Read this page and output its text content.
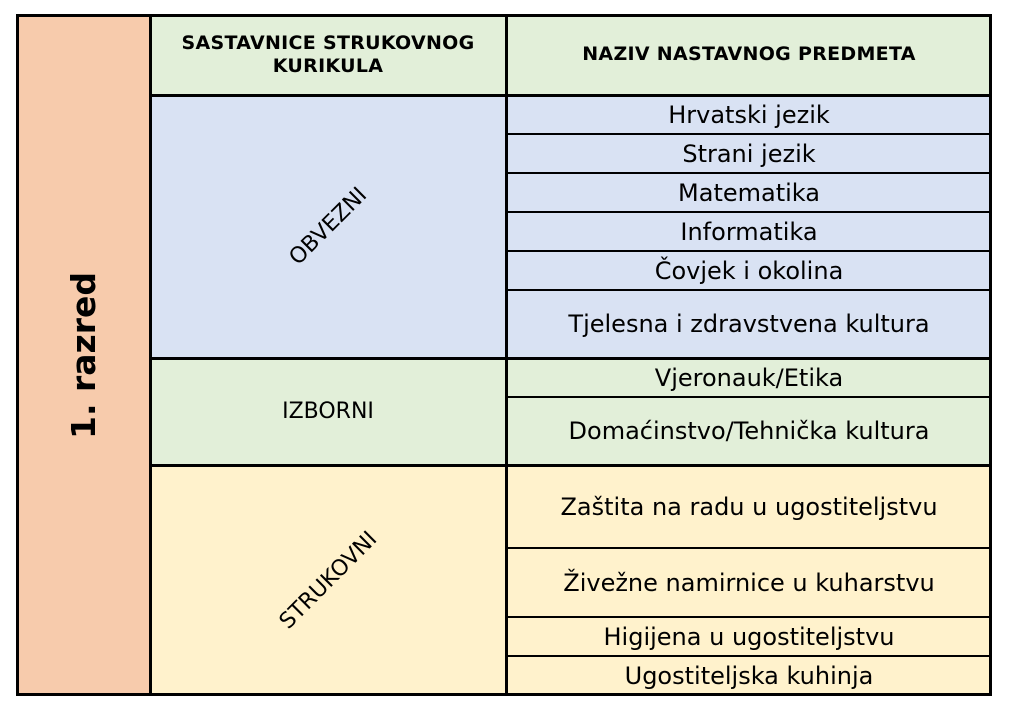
1. razred
SASTAVNICE STRUKOVNOG KURIKULA
NAZIV NASTAVNOG PREDMETA
OBVEZNI
IZBORNI
STRUKOVNI
Hrvatski jezik
Strani jezik
Matematika
Informatika
Čovjek i okolina
Tjelesna i zdravstvena kultura
Vjeronauk/Etika
Domaćinstvo/Tehnička kultura
Zaštita na radu u ugostiteljstvu
Živežne namirnice u kuharstvu
Higijena u ugostiteljstvu
Ugostiteljska kuhinja
